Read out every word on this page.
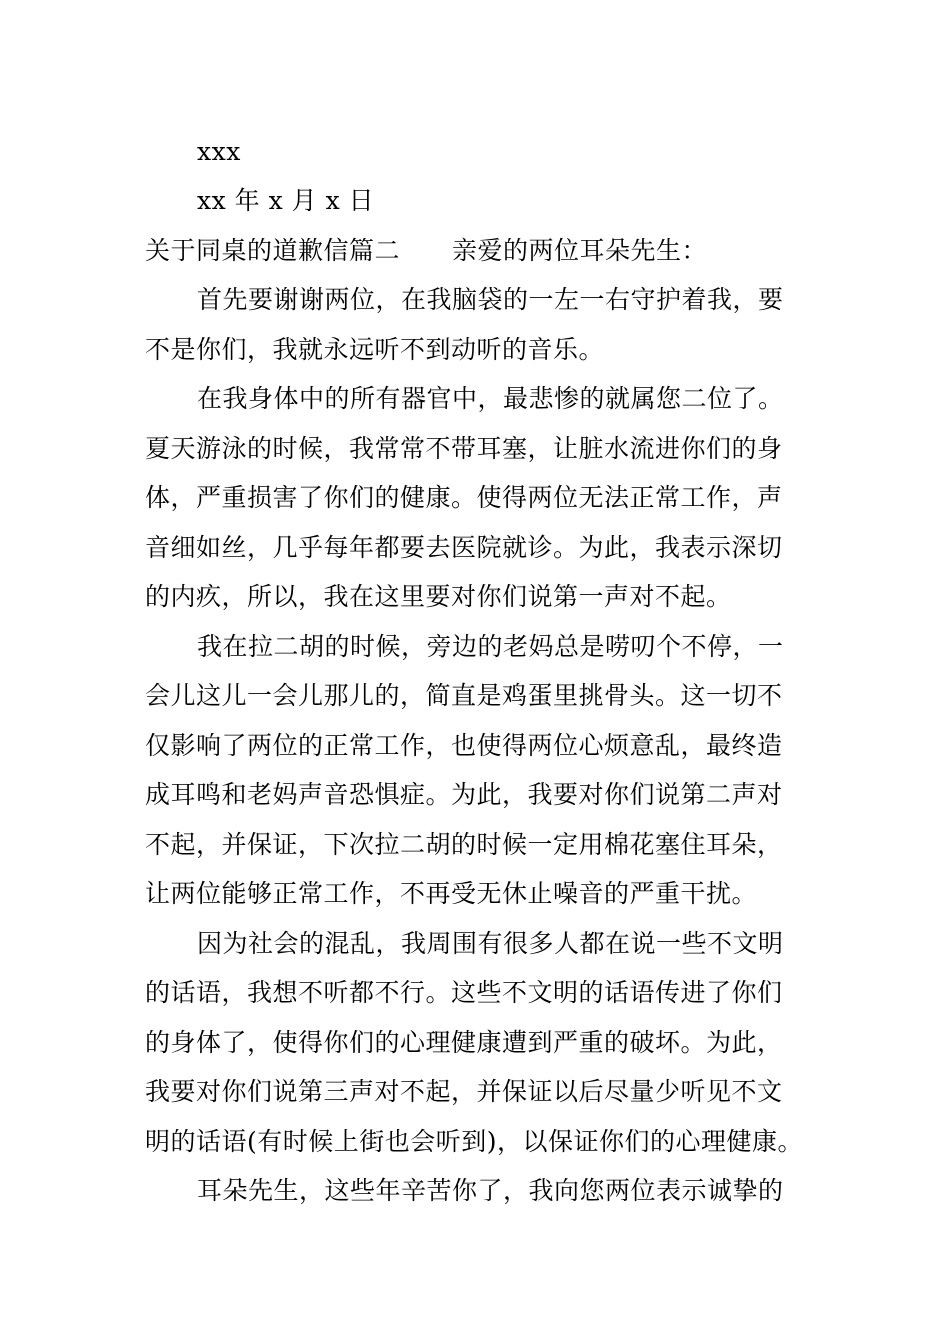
xxx
xx 年 x 月 x 日
关于同桌的道歉信篇二 亲爱的两位耳朵先生：
首先要谢谢两位，在我脑袋的一左一右守护着我，要
不是你们，我就永远听不到动听的音乐。
在我身体中的所有器官中，最悲惨的就属您二位了。
夏天游泳的时候，我常常不带耳塞，让脏水流进你们的身
体，严重损害了你们的健康。使得两位无法正常工作，声
音细如丝，几乎每年都要去医院就诊。为此，我表示深切
的内疚，所以，我在这里要对你们说第一声对不起。
我在拉二胡的时候，旁边的老妈总是唠叨个不停，一
会儿这儿一会儿那儿的，简直是鸡蛋里挑骨头。这一切不
仅影响了两位的正常工作，也使得两位心烦意乱，最终造
成耳鸣和老妈声音恐惧症。为此，我要对你们说第二声对
不起，并保证，下次拉二胡的时候一定用棉花塞住耳朵，
让两位能够正常工作，不再受无休止噪音的严重干扰。
因为社会的混乱，我周围有很多人都在说一些不文明
的话语，我想不听都不行。这些不文明的话语传进了你们
的身体了，使得你们的心理健康遭到严重的破坏。为此，
我要对你们说第三声对不起，并保证以后尽量少听见不文
明的话语(有时候上街也会听到)，以保证你们的心理健康。
耳朵先生，这些年辛苦你了，我向您两位表示诚挚的
